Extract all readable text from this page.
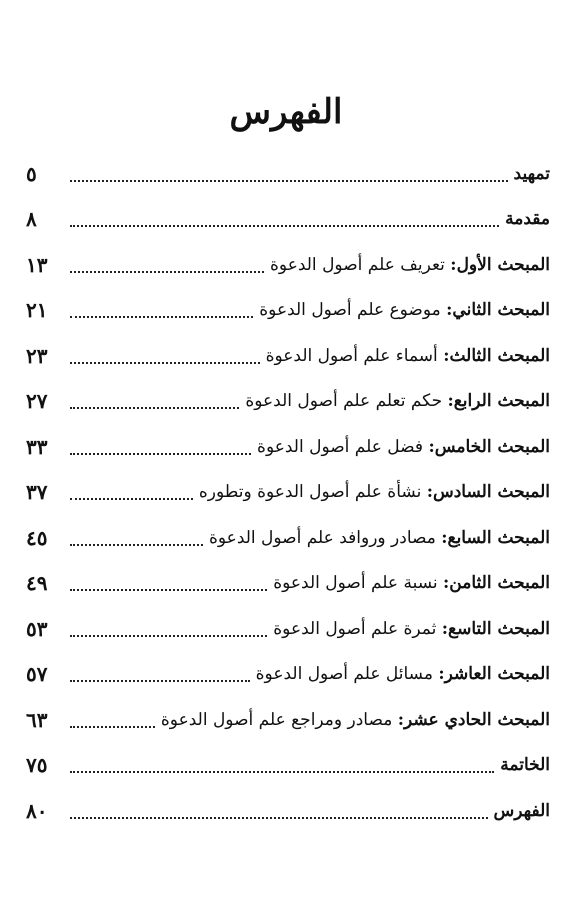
الفهرس
تمهيد
٥
مقدمة
٨
المبحث الأول: تعريف علم أصول الدعوة
١٣
المبحث الثاني: موضوع علم أصول الدعوة
٢١
المبحث الثالث: أسماء علم أصول الدعوة
٢٣
المبحث الرابع: حكم تعلم علم أصول الدعوة
٢٧
المبحث الخامس: فضل علم أصول الدعوة
٣٣
المبحث السادس: نشأة علم أصول الدعوة وتطوره
٣٧
المبحث السابع: مصادر وروافد علم أصول الدعوة
٤٥
المبحث الثامن: نسبة علم أصول الدعوة
٤٩
المبحث التاسع: ثمرة علم أصول الدعوة
٥٣
المبحث العاشر: مسائل علم أصول الدعوة
٥٧
المبحث الحادي عشر: مصادر ومراجع علم أصول الدعوة
٦٣
الخاتمة
٧٥
الفهرس
٨٠
